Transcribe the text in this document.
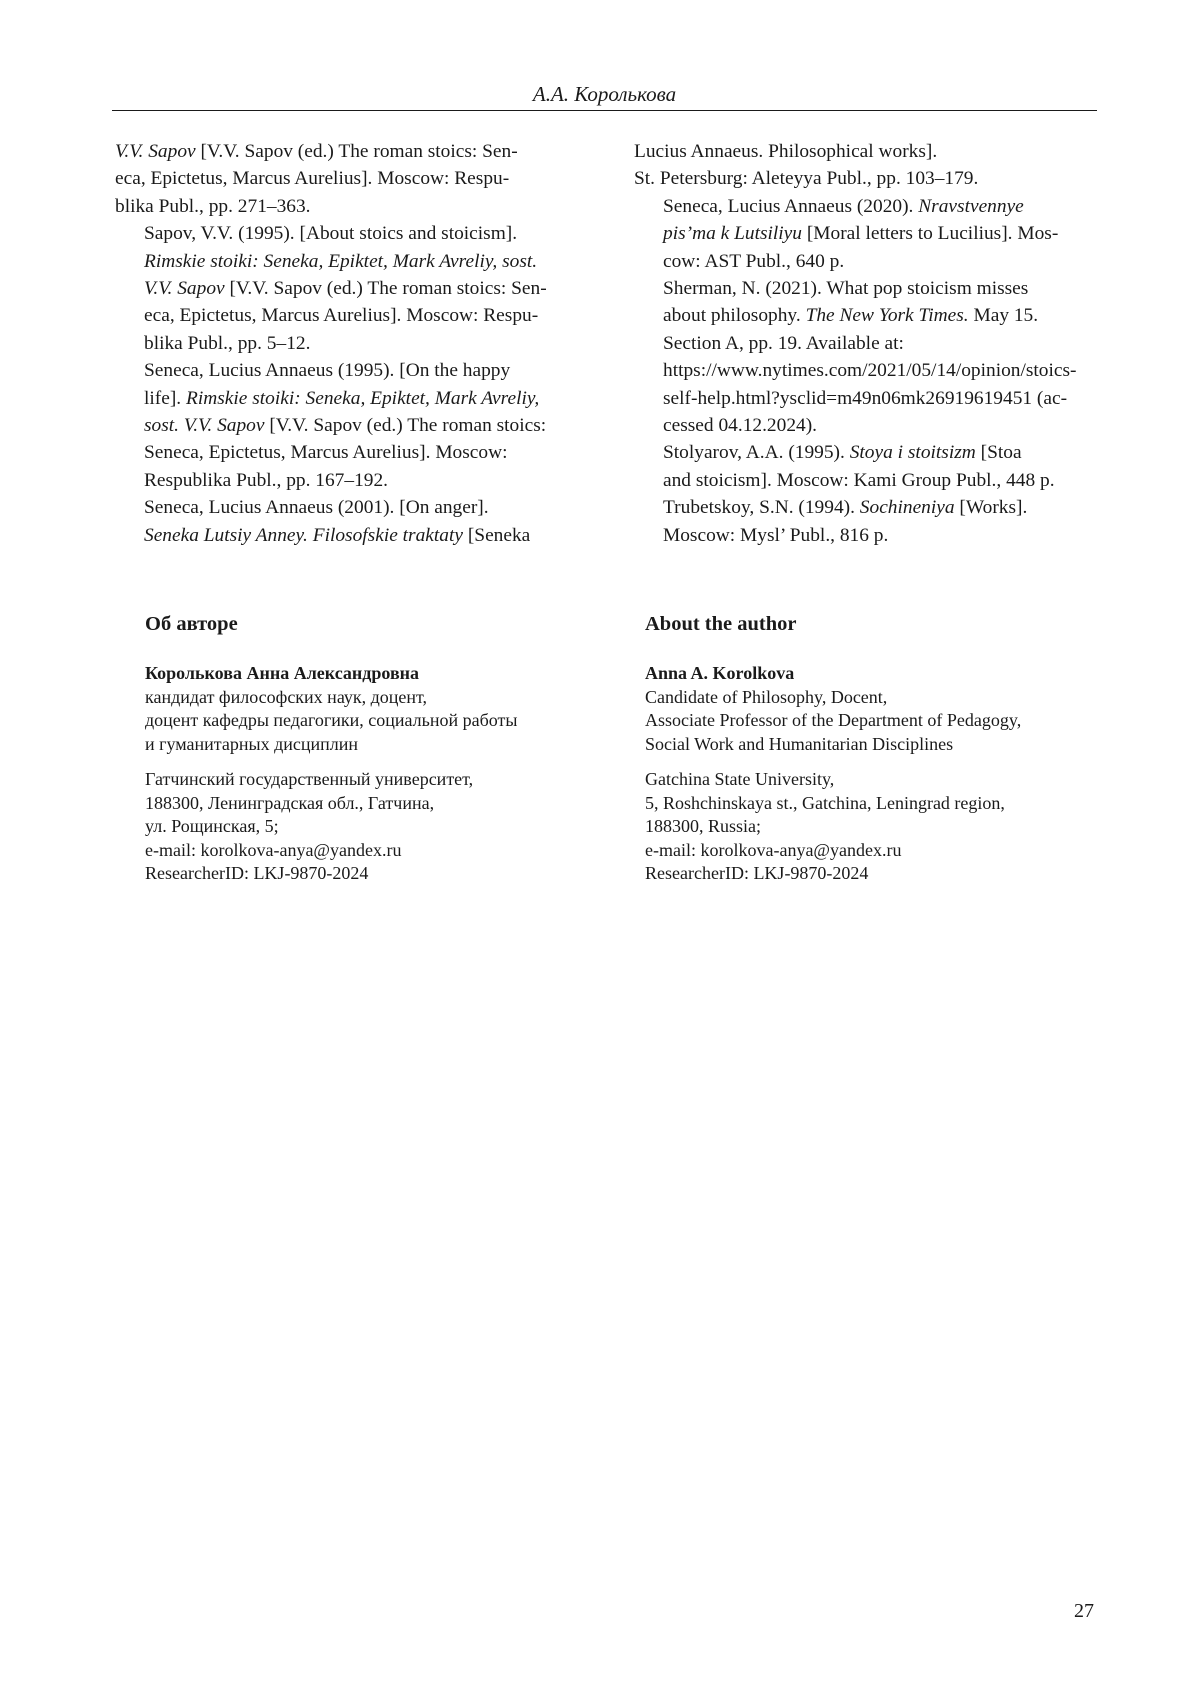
А.А. Королькова

V.V. Sapov [V.V. Sapov (ed.) The roman stoics: Sen-
eca, Epictetus, Marcus Aurelius]. Moscow: Respu-
blika Publ., pp. 271–363.

Sapov, V.V. (1995). [About stoics and stoicism].
Rimskie stoiki: Seneka, Epiktet, Mark Avreliy, sost.
V.V. Sapov [V.V. Sapov (ed.) The roman stoics: Sen-
eca, Epictetus, Marcus Aurelius]. Moscow: Respu-
blika Publ., pp. 5–12.

Seneca, Lucius Annaeus (1995). [On the happy
life]. Rimskie stoiki: Seneka, Epiktet, Mark Avreliy,
sost. V.V. Sapov [V.V. Sapov (ed.) The roman stoics:
Seneca, Epictetus, Marcus Aurelius]. Moscow:
Respublika Publ., pp. 167–192.

Seneca, Lucius Annaeus (2001). [On anger].
Seneka Lutsiy Anney. Filosofskie traktaty [Seneka

Lucius Annaeus. Philosophical works].
St. Petersburg: Aleteyya Publ., pp. 103–179.

Seneca, Lucius Annaeus (2020). Nravstvennye
pis’ma k Lutsiliyu [Moral letters to Lucilius]. Mos-
cow: AST Publ., 640 p.

Sherman, N. (2021). What pop stoicism misses
about philosophy. The New York Times. May 15.
Section A, pp. 19. Available at:
https://www.nytimes.com/2021/05/14/opinion/stoics-
self-help.html?ysclid=m49n06mk26919619451 (ac-
cessed 04.12.2024).

Stolyarov, A.A. (1995). Stoya i stoitsizm [Stoa
and stoicism]. Moscow: Kami Group Publ., 448 p.

Trubetskoy, S.N. (1994). Sochineniya [Works].
Moscow: Mysl’ Publ., 816 p.

Об авторе
Королькова Анна Александровна
кандидат философских наук, доцент,
доцент кафедры педагогики, социальной работы
и гуманитарных дисциплин
Гатчинский государственный университет,
188300, Ленинградская обл., Гатчина,
ул. Рощинская, 5;
e-mail: korolkova-anya@yandex.ru
ResearcherID: LKJ-9870-2024
About the author
Anna A. Korolkova
Candidate of Philosophy, Docent,
Associate Professor of the Department of Pedagogy,
Social Work and Humanitarian Disciplines
Gatchina State University,
5, Roshchinskaya st., Gatchina, Leningrad region,
188300, Russia;
e-mail: korolkova-anya@yandex.ru
ResearcherID: LKJ-9870-2024
27
